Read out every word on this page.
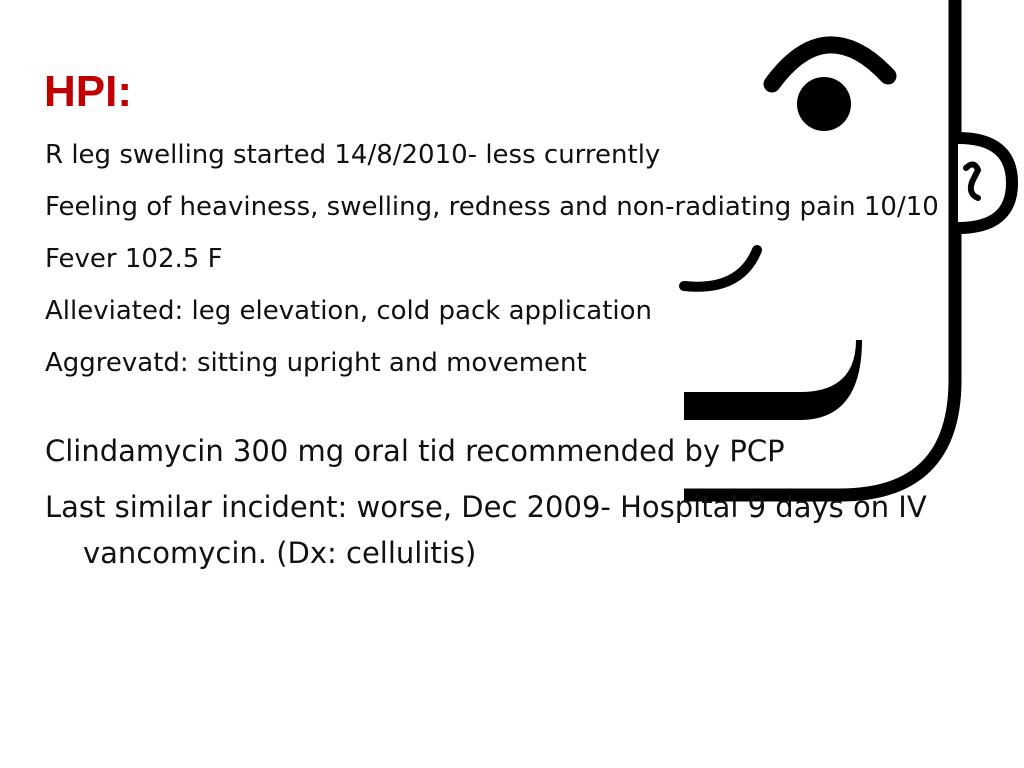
HPI:
R leg swelling started 14/8/2010- less currently
Feeling of heaviness, swelling, redness and non-radiating pain 10/10
Fever 102.5 F
Alleviated: leg elevation, cold pack application
Aggrevatd: sitting upright and movement
Clindamycin 300 mg oral tid recommended by PCP
Last similar incident: worse, Dec 2009- Hospital 9 days on IV vancomycin. (Dx: cellulitis)
